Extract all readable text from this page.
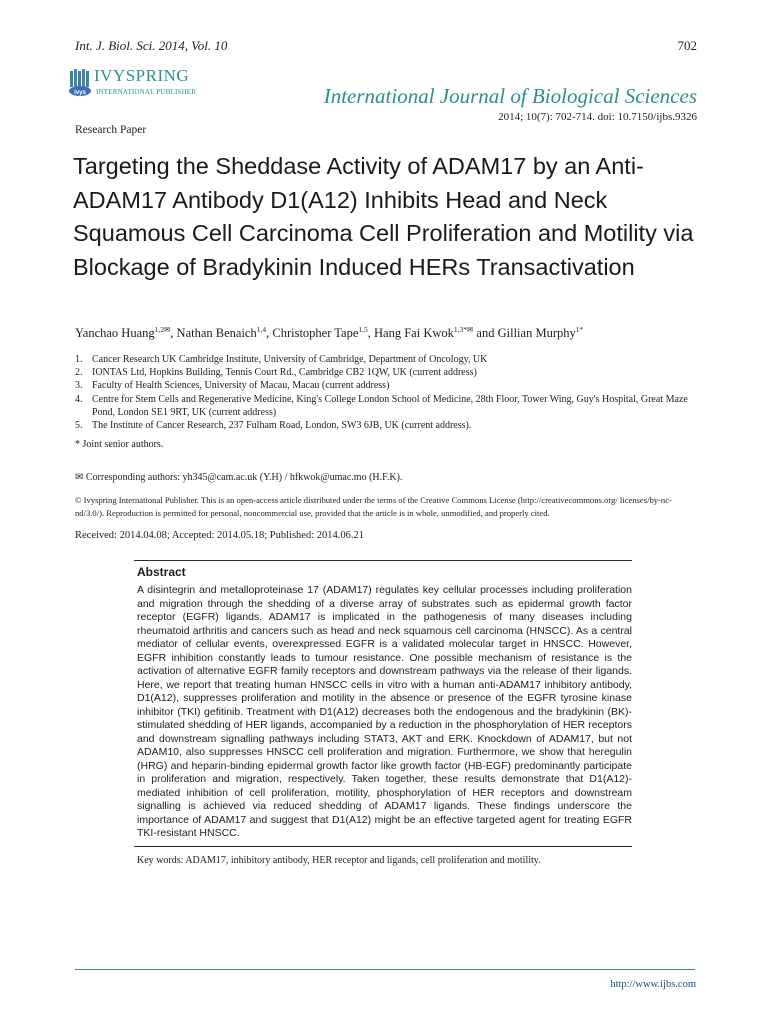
Int. J. Biol. Sci. 2014, Vol. 10	702
ivys
IVYSPRING
INTERNATIONAL PUBLISHER	International Journal of Biological Sciences
2014; 10(7): 702-714. doi: 10.7150/ijbs.9326
Research Paper
Targeting the Sheddase Activity of ADAM17 by an Anti-ADAM17 Antibody D1(A12) Inhibits Head and Neck Squamous Cell Carcinoma Cell Proliferation and Motility via Blockage of Bradykinin Induced HERs Transactivation
Yanchao Huang$^{1,2✉}$, Nathan Benaich$^{1,4}$, Christopher Tape$^{1,5}$, Hang Fai Kwok$^{1,3*✉}$ and Gillian Murphy$^{1*}$
1. Cancer Research UK Cambridge Institute, University of Cambridge, Department of Oncology, UK
2. IONTAS Ltd, Hopkins Building, Tennis Court Rd., Cambridge CB2 1QW, UK (current address)
3. Faculty of Health Sciences, University of Macau, Macau (current address)
4. Centre for Stem Cells and Regenerative Medicine, King's College London School of Medicine, 28th Floor, Tower Wing, Guy's Hospital, Great Maze Pond, London SE1 9RT, UK (current address)
5. The Institute of Cancer Research, 237 Fulham Road, London, SW3 6JB, UK (current address).
* Joint senior authors.
✉ Corresponding authors: yh345@cam.ac.uk (Y.H) / hfkwok@umac.mo (H.F.K).
© Ivyspring International Publisher. This is an open-access article distributed under the terms of the Creative Commons License (http://creativecommons.org/ licenses/by-nc-nd/3.0/). Reproduction is permitted for personal, noncommercial use, provided that the article is in whole, unmodified, and properly cited.
Received: 2014.04.08; Accepted: 2014.05.18; Published: 2014.06.21
Abstract

A disintegrin and metalloproteinase 17 (ADAM17) regulates key cellular processes including proliferation and migration through the shedding of a diverse array of substrates such as epidermal growth factor receptor (EGFR) ligands. ADAM17 is implicated in the pathogenesis of many diseases including rheumatoid arthritis and cancers such as head and neck squamous cell carcinoma (HNSCC). As a central mediator of cellular events, overexpressed EGFR is a validated molecular target in HNSCC. However, EGFR inhibition constantly leads to tumour resistance. One possible mechanism of resistance is the activation of alternative EGFR family receptors and downstream pathways via the release of their ligands. Here, we report that treating human HNSCC cells in vitro with a human anti-ADAM17 inhibitory antibody, D1(A12), suppresses proliferation and motility in the absence or presence of the EGFR tyrosine kinase inhibitor (TKI) gefitinib. Treatment with D1(A12) decreases both the endogenous and the bradykinin (BK)-stimulated shedding of HER ligands, accompanied by a reduction in the phosphorylation of HER receptors and downstream signalling pathways including STAT3, AKT and ERK. Knockdown of ADAM17, but not ADAM10, also suppresses HNSCC cell proliferation and migration. Furthermore, we show that heregulin (HRG) and heparin-binding epidermal growth factor like growth factor (HB-EGF) predominantly participate in proliferation and migration, respectively. Taken together, these results demonstrate that D1(A12)-mediated inhibition of cell proliferation, motility, phosphorylation of HER receptors and downstream signalling is achieved via reduced shedding of ADAM17 ligands. These findings underscore the importance of ADAM17 and suggest that D1(A12) might be an effective targeted agent for treating EGFR TKI-resistant HNSCC.

Key words: ADAM17, inhibitory antibody, HER receptor and ligands, cell proliferation and motility.
http://www.ijbs.com
